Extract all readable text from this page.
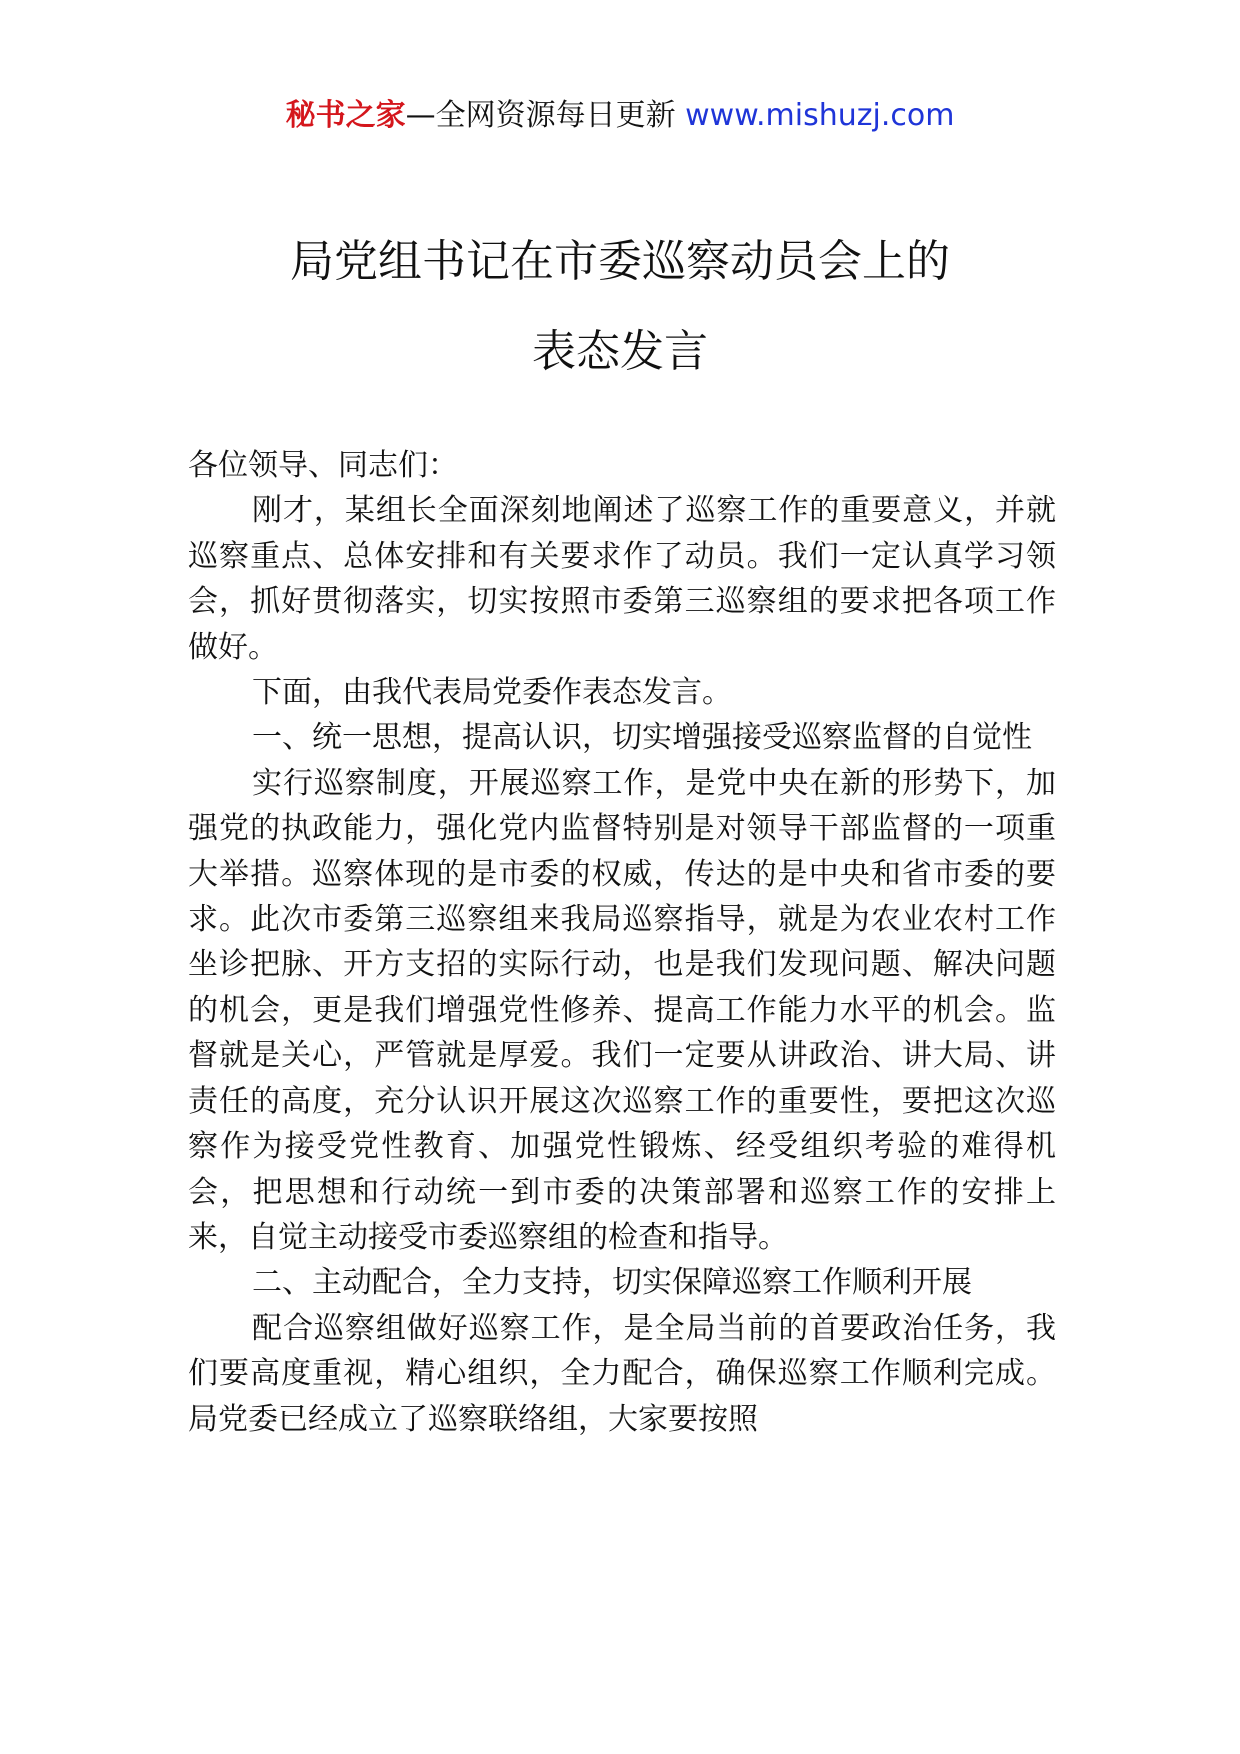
秘书之家—全网资源每日更新 www.mishuzj.com
局党组书记在市委巡察动员会上的
表态发言

各位领导、同志们：

刚才，某组长全面深刻地阐述了巡察工作的重要意义，并就巡察重点、总体安排和有关要求作了动员。我们一定认真学习领会，抓好贯彻落实，切实按照市委第三巡察组的要求把各项工作做好。

下面，由我代表局党委作表态发言。

一、统一思想，提高认识，切实增强接受巡察监督的自觉性

实行巡察制度，开展巡察工作，是党中央在新的形势下，加强党的执政能力，强化党内监督特别是对领导干部监督的一项重大举措。巡察体现的是市委的权威，传达的是中央和省市委的要求。此次市委第三巡察组来我局巡察指导，就是为农业农村工作坐诊把脉、开方支招的实际行动，也是我们发现问题、解决问题的机会，更是我们增强党性修养、提高工作能力水平的机会。监督就是关心，严管就是厚爱。我们一定要从讲政治、讲大局、讲责任的高度，充分认识开展这次巡察工作的重要性，要把这次巡察作为接受党性教育、加强党性锻炼、经受组织考验的难得机会，把思想和行动统一到市委的决策部署和巡察工作的安排上来，自觉主动接受市委巡察组的检查和指导。

二、主动配合，全力支持，切实保障巡察工作顺利开展

配合巡察组做好巡察工作，是全局当前的首要政治任务，我们要高度重视，精心组织，全力配合，确保巡察工作顺利完成。局党委已经成立了巡察联络组，大家要按照
